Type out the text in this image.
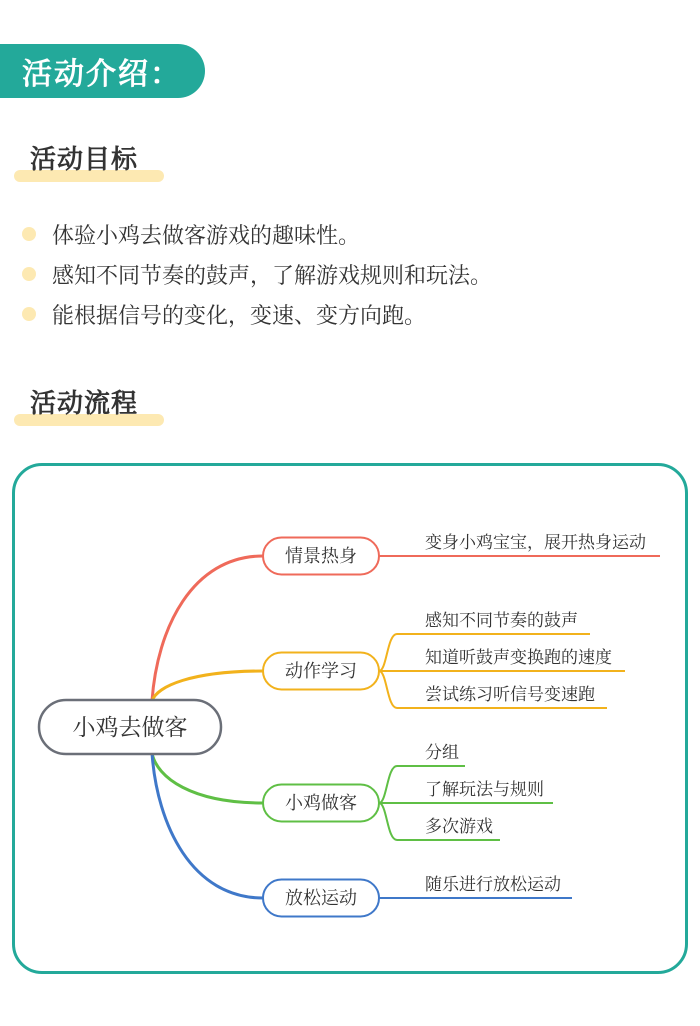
活动介绍：
活动目标
体验小鸡去做客游戏的趣味性。
感知不同节奏的鼓声，了解游戏规则和玩法。
能根据信号的变化，变速、变方向跑。
活动流程
变身小鸡宝宝，展开热身运动
感知不同节奏的鼓声
知道听鼓声变换跑的速度
尝试练习听信号变速跑
分组
了解玩法与规则
多次游戏
随乐进行放松运动
情景热身
动作学习
小鸡做客
放松运动
小鸡去做客
